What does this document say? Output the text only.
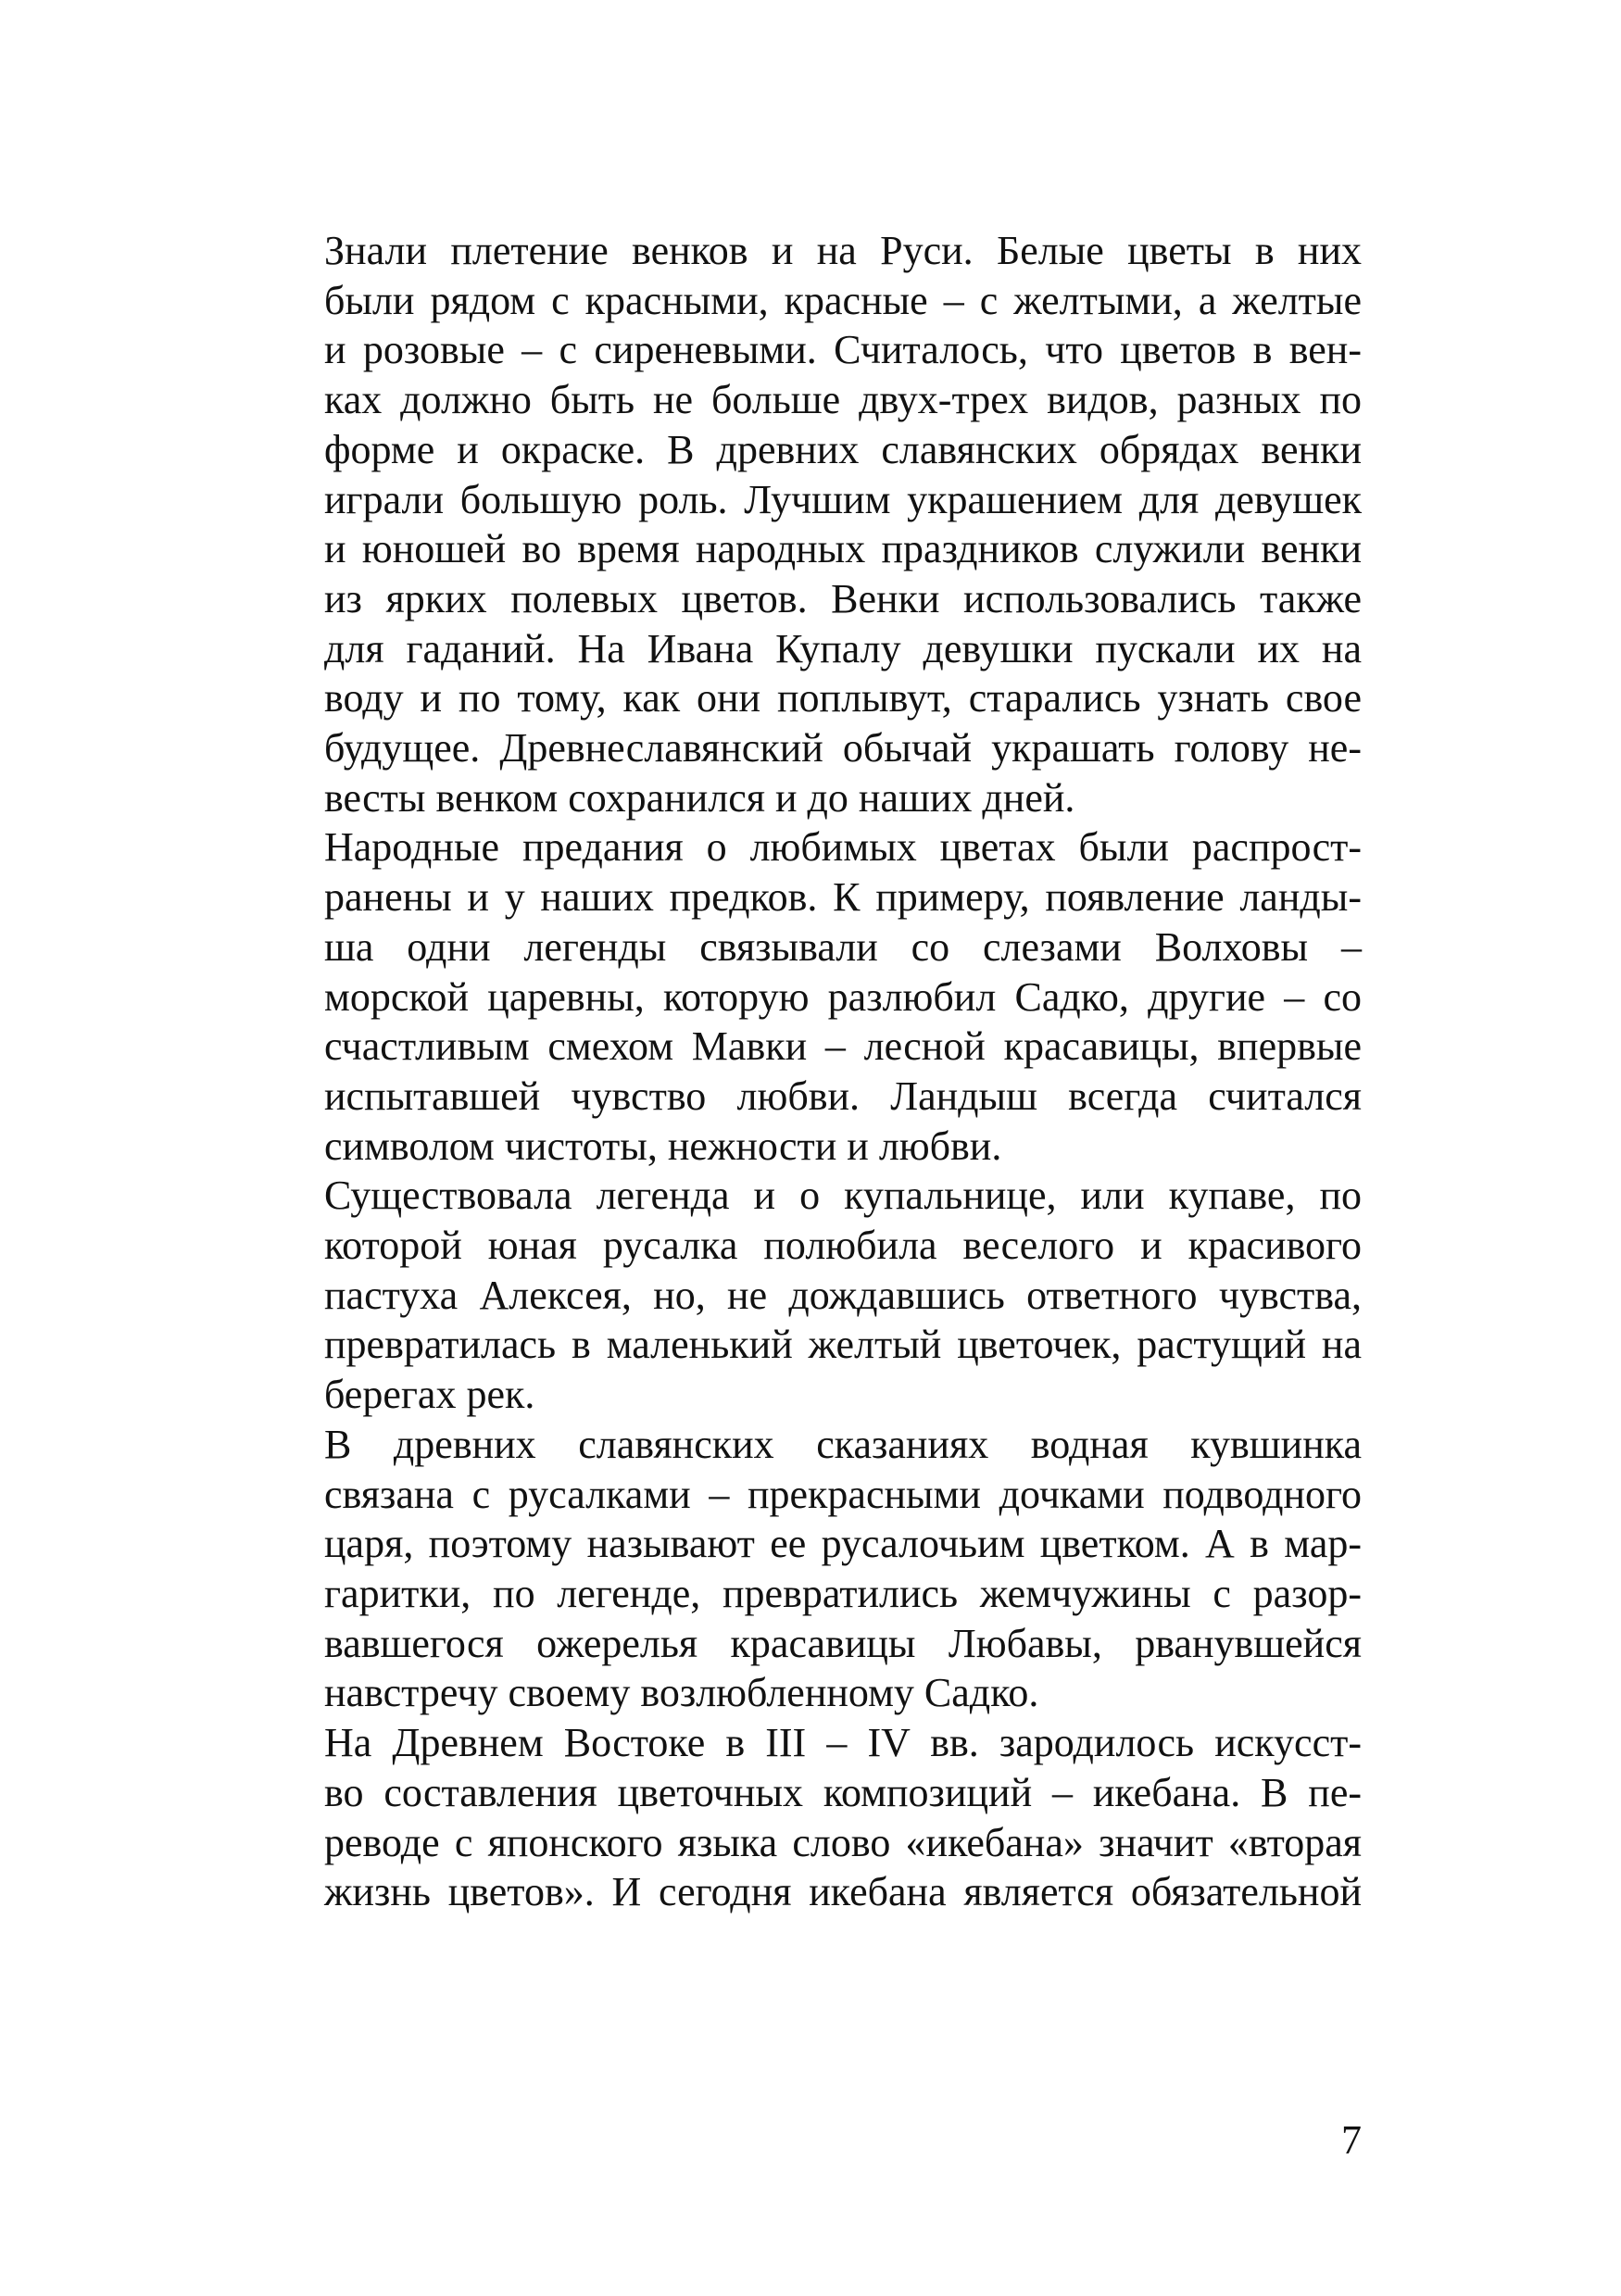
Знали плетение венков и на Руси. Белые цветы в них
были рядом с красными, красные – с желтыми, а желтые
и розовые – с сиреневыми. Считалось, что цветов в вен-
ках должно быть не больше двух-трех видов, разных по
форме и окраске. В древних славянских обрядах венки
играли большую роль. Лучшим украшением для девушек
и юношей во время народных праздников служили венки
из ярких полевых цветов. Венки использовались также
для гаданий. На Ивана Купалу девушки пускали их на
воду и по тому, как они поплывут, старались узнать свое
будущее. Древнеславянский обычай украшать голову не-
весты венком сохранился и до наших дней.

Народные предания о любимых цветах были распрост-
ранены и у наших предков. К примеру, появление ланды-
ша одни легенды связывали со слезами Волховы –
морской царевны, которую разлюбил Садко, другие – со
счастливым смехом Мавки – лесной красавицы, впервые
испытавшей чувство любви. Ландыш всегда считался
символом чистоты, нежности и любви.

Существовала легенда и о купальнице, или купаве, по
которой юная русалка полюбила веселого и красивого
пастуха Алексея, но, не дождавшись ответного чувства,
превратилась в маленький желтый цветочек, растущий на
берегах рек.

В древних славянских сказаниях водная кувшинка
связана с русалками – прекрасными дочками подводного
царя, поэтому называют ее русалочьим цветком. А в мар-
гаритки, по легенде, превратились жемчужины с разор-
вавшегося ожерелья красавицы Любавы, рванувшейся
навстречу своему возлюбленному Садко.

На Древнем Востоке в III – IV вв. зародилось искусст-
во составления цветочных композиций – икебана. В пе-
реводе с японского языка слово «икебана» значит «вторая
жизнь цветов». И сегодня икебана является обязательной

7
